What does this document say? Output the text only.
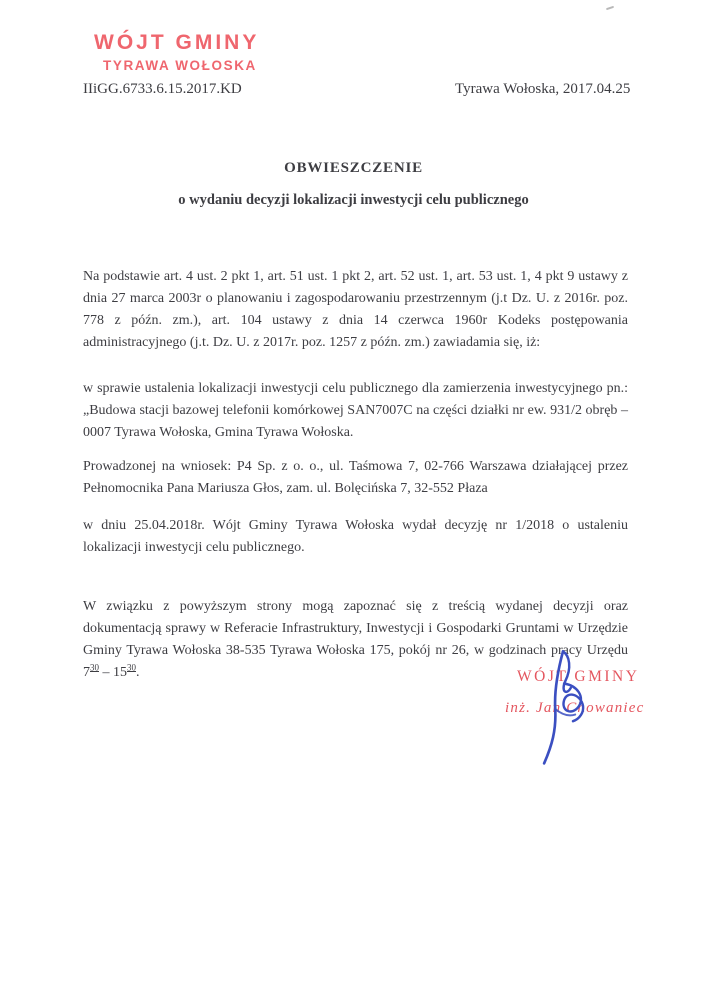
WÓJT GMINY
TYRAWA WOŁOSKA
IIiGG.6733.6.15.2017.KD	Tyrawa Wołoska, 2017.04.25
OBWIESZCZENIE
o wydaniu decyzji lokalizacji inwestycji celu publicznego

Na podstawie art. 4 ust. 2 pkt 1, art. 51 ust. 1 pkt 2, art. 52 ust. 1, art. 53 ust. 1, 4 pkt 9 ustawy z dnia 27 marca 2003r o planowaniu i zagospodarowaniu przestrzennym (j.t Dz. U. z 2016r. poz. 778 z późn. zm.), art. 104 ustawy z dnia 14 czerwca 1960r Kodeks postępowania administracyjnego (j.t. Dz. U. z 2017r. poz. 1257 z późn. zm.) zawiadamia się, iż:

w sprawie ustalenia lokalizacji inwestycji celu publicznego dla zamierzenia inwestycyjnego pn.: „Budowa stacji bazowej telefonii komórkowej SAN7007C na części działki nr ew. 931/2 obręb – 0007 Tyrawa Wołoska, Gmina Tyrawa Wołoska.

Prowadzonej na wniosek: P4 Sp. z o. o., ul. Taśmowa 7, 02-766 Warszawa działającej przez Pełnomocnika Pana Mariusza Głos, zam. ul. Bolęcińska 7, 32-552 Płaza

w dniu 25.04.2018r. Wójt Gminy Tyrawa Wołoska wydał decyzję nr 1/2018 o ustaleniu lokalizacji inwestycji celu publicznego.

W związku z powyższym strony mogą zapoznać się z treścią wydanej decyzji oraz dokumentacją sprawy w Referacie Infrastruktury, Inwestycji i Gospodarki Gruntami w Urzędzie Gminy Tyrawa Wołoska 38-535 Tyrawa Wołoska 175, pokój nr 26, w godzinach pracy Urzędu $7^{30} - 15^{30}$.	WÓJT GMINY
inż. Jan Chowaniec
